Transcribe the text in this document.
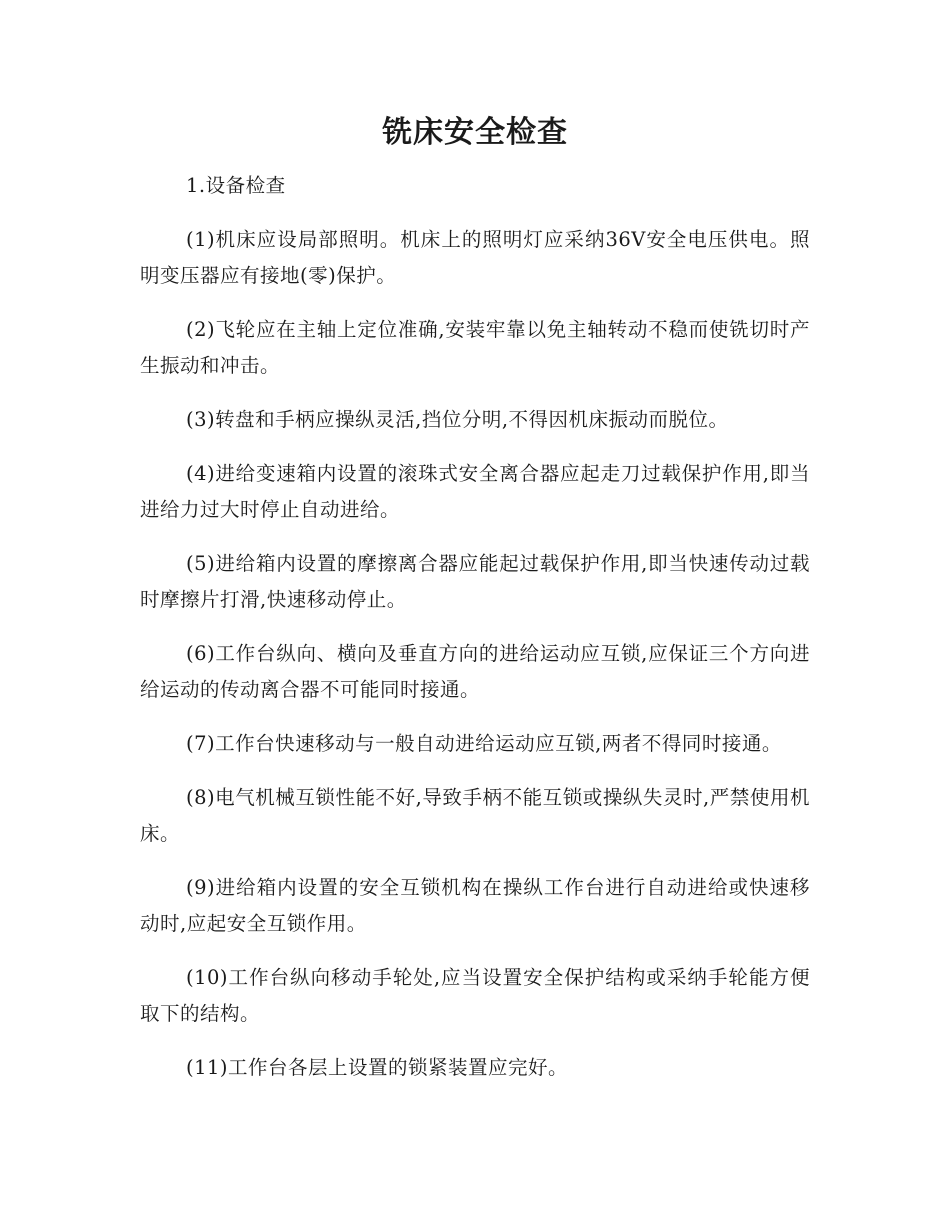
铣床安全检查

1.设备检查

(1)机床应设局部照明。机床上的照明灯应采纳36V安全电压供电。照明变压器应有接地(零)保护。

(2)飞轮应在主轴上定位准确,安装牢靠以免主轴转动不稳而使铣切时产生振动和冲击。

(3)转盘和手柄应操纵灵活,挡位分明,不得因机床振动而脱位。

(4)进给变速箱内设置的滚珠式安全离合器应起走刀过载保护作用,即当进给力过大时停止自动进给。

(5)进给箱内设置的摩擦离合器应能起过载保护作用,即当快速传动过载时摩擦片打滑,快速移动停止。

(6)工作台纵向、横向及垂直方向的进给运动应互锁,应保证三个方向进给运动的传动离合器不可能同时接通。

(7)工作台快速移动与一般自动进给运动应互锁,两者不得同时接通。

(8)电气机械互锁性能不好,导致手柄不能互锁或操纵失灵时,严禁使用机床。

(9)进给箱内设置的安全互锁机构在操纵工作台进行自动进给或快速移动时,应起安全互锁作用。

(10)工作台纵向移动手轮处,应当设置安全保护结构或采纳手轮能方便取下的结构。

(11)工作台各层上设置的锁紧装置应完好。
